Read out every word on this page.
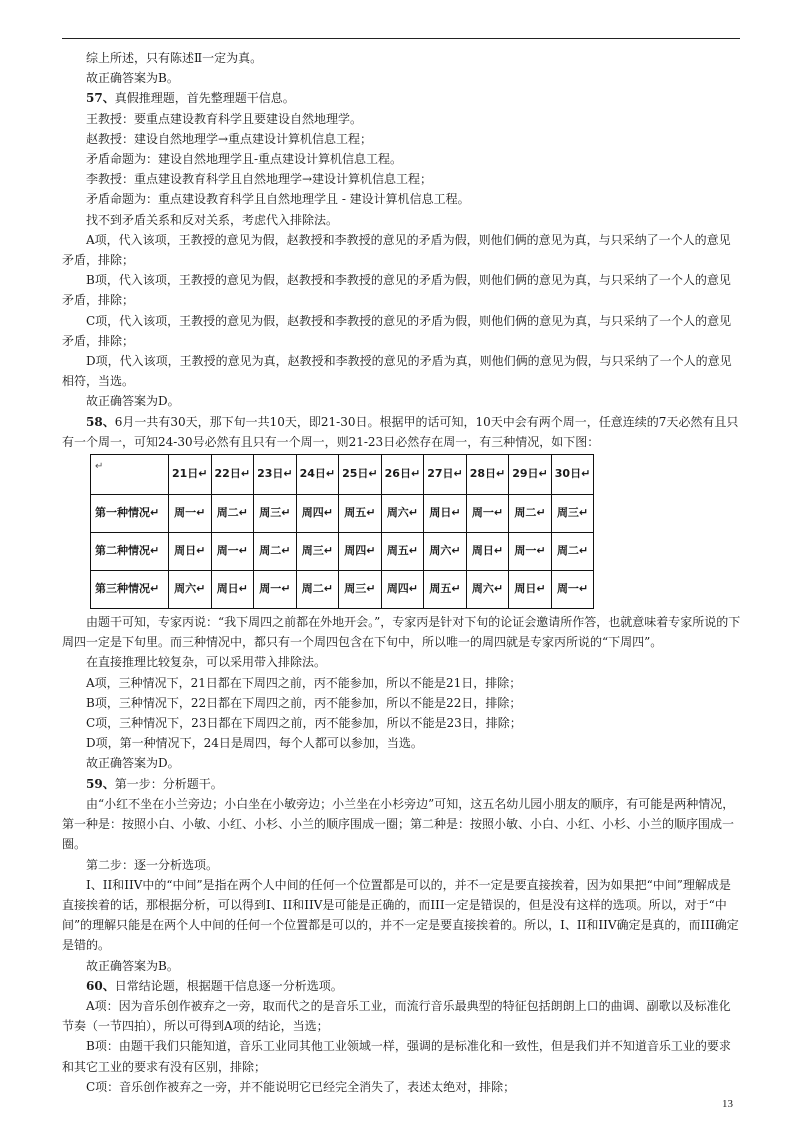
综上所述，只有陈述Ⅱ一定为真。
故正确答案为B。
57、真假推理题，首先整理题干信息。
王教授：要重点建设教育科学且要建设自然地理学。
赵教授：建设自然地理学→重点建设计算机信息工程；
矛盾命题为：建设自然地理学且-重点建设计算机信息工程。
李教授：重点建设教育科学且自然地理学→建设计算机信息工程；
矛盾命题为：重点建设教育科学且自然地理学且 - 建设计算机信息工程。
找不到矛盾关系和反对关系，考虑代入排除法。
A项，代入该项，王教授的意见为假，赵教授和李教授的意见的矛盾为假，则他们俩的意见为真，与只采纳了一个人的意见矛盾，排除；
B项，代入该项，王教授的意见为假，赵教授和李教授的意见的矛盾为假，则他们俩的意见为真，与只采纳了一个人的意见矛盾，排除；
C项，代入该项，王教授的意见为假，赵教授和李教授的意见的矛盾为假，则他们俩的意见为真，与只采纳了一个人的意见矛盾，排除；
D项，代入该项，王教授的意见为真，赵教授和李教授的意见的矛盾为真，则他们俩的意见为假，与只采纳了一个人的意见相符，当选。
故正确答案为D。
58、6月一共有30天，那下旬一共10天，即21-30日。根据甲的话可知，10天中会有两个周一，任意连续的7天必然有且只有一个周一，可知24-30号必然有且只有一个周一，则21-23日必然存在周一，有三种情况，如下图：
↵	21日↵	22日↵	23日↵	24日↵	25日↵	26日↵	27日↵	28日↵	29日↵	30日↵
第一种情况↵	周一↵	周二↵	周三↵	周四↵	周五↵	周六↵	周日↵	周一↵	周二↵	周三↵
第二种情况↵	周日↵	周一↵	周二↵	周三↵	周四↵	周五↵	周六↵	周日↵	周一↵	周二↵
第三种情况↵	周六↵	周日↵	周一↵	周二↵	周三↵	周四↵	周五↵	周六↵	周日↵	周一↵
由题干可知，专家丙说：“我下周四之前都在外地开会。”，专家丙是针对下旬的论证会邀请所作答，也就意味着专家所说的下周四一定是下旬里。而三种情况中，都只有一个周四包含在下旬中，所以唯一的周四就是专家丙所说的“下周四”。
在直接推理比较复杂，可以采用带入排除法。
A项，三种情况下，21日都在下周四之前，丙不能参加，所以不能是21日，排除；
B项，三种情况下，22日都在下周四之前，丙不能参加，所以不能是22日，排除；
C项，三种情况下，23日都在下周四之前，丙不能参加，所以不能是23日，排除；
D项，第一种情况下，24日是周四，每个人都可以参加，当选。
故正确答案为D。
59、第一步：分析题干。
由“小红不坐在小兰旁边；小白坐在小敏旁边；小兰坐在小杉旁边”可知，这五名幼儿园小朋友的顺序，有可能是两种情况，第一种是：按照小白、小敏、小红、小杉、小兰的顺序围成一圈；第二种是：按照小敏、小白、小红、小杉、小兰的顺序围成一圈。
第二步：逐一分析选项。
I、II和IIV中的“中间”是指在两个人中间的任何一个位置都是可以的，并不一定是要直接挨着，因为如果把“中间”理解成是直接挨着的话，那根据分析，可以得到I、II和IIV是可能是正确的，而III一定是错误的，但是没有这样的选项。所以，对于“中间”的理解只能是在两个人中间的任何一个位置都是可以的，并不一定是要直接挨着的。所以，I、II和IIV确定是真的，而III确定是错的。
故正确答案为B。
60、日常结论题，根据题干信息逐一分析选项。
A项：因为音乐创作被弃之一旁，取而代之的是音乐工业，而流行音乐最典型的特征包括朗朗上口的曲调、副歌以及标准化节奏（一节四拍），所以可得到A项的结论，当选；
B项：由题干我们只能知道，音乐工业同其他工业领域一样，强调的是标准化和一致性，但是我们并不知道音乐工业的要求和其它工业的要求有没有区别，排除；
C项：音乐创作被弃之一旁，并不能说明它已经完全消失了，表述太绝对，排除；
13
